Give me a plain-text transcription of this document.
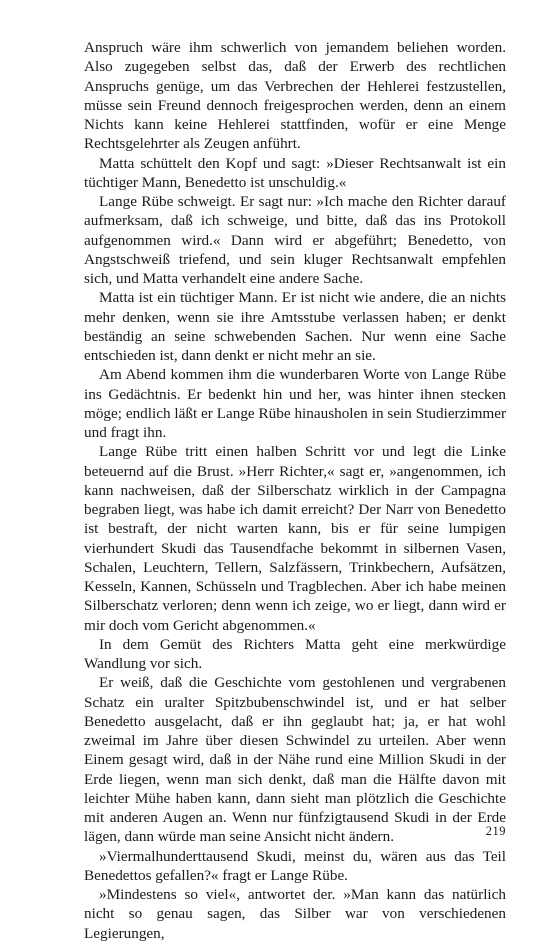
Anspruch wäre ihm schwerlich von jemandem beliehen worden. Also zugegeben selbst das, daß der Erwerb des rechtlichen Anspruchs genüge, um das Verbrechen der Hehlerei festzustellen, müsse sein Freund dennoch freigesprochen werden, denn an einem Nichts kann keine Hehlerei stattfinden, wofür er eine Menge Rechtsgelehrter als Zeugen anführt.

Matta schüttelt den Kopf und sagt: »Dieser Rechtsanwalt ist ein tüchtiger Mann, Benedetto ist unschuldig.«

Lange Rübe schweigt. Er sagt nur: »Ich mache den Richter darauf aufmerksam, daß ich schweige, und bitte, daß das ins Protokoll aufgenommen wird.« Dann wird er abgeführt; Benedetto, von Angstschweiß triefend, und sein kluger Rechtsanwalt empfehlen sich, und Matta verhandelt eine andere Sache.

Matta ist ein tüchtiger Mann. Er ist nicht wie andere, die an nichts mehr denken, wenn sie ihre Amtsstube verlassen haben; er denkt beständig an seine schwebenden Sachen. Nur wenn eine Sache entschieden ist, dann denkt er nicht mehr an sie.

Am Abend kommen ihm die wunderbaren Worte von Lange Rübe ins Gedächtnis. Er bedenkt hin und her, was hinter ihnen stecken möge; endlich läßt er Lange Rübe hinausholen in sein Studierzimmer und fragt ihn.

Lange Rübe tritt einen halben Schritt vor und legt die Linke beteuernd auf die Brust. »Herr Richter,« sagt er, »angenommen, ich kann nachweisen, daß der Silberschatz wirklich in der Campagna begraben liegt, was habe ich damit erreicht? Der Narr von Benedetto ist bestraft, der nicht warten kann, bis er für seine lumpigen vierhundert Skudi das Tausendfache bekommt in silbernen Vasen, Schalen, Leuchtern, Tellern, Salzfässern, Trinkbechern, Aufsätzen, Kesseln, Kannen, Schüsseln und Tragblechen. Aber ich habe meinen Silberschatz verloren; denn wenn ich zeige, wo er liegt, dann wird er mir doch vom Gericht abgenommen.«

In dem Gemüt des Richters Matta geht eine merkwürdige Wandlung vor sich.

Er weiß, daß die Geschichte vom gestohlenen und vergrabenen Schatz ein uralter Spitzbubenschwindel ist, und er hat selber Benedetto ausgelacht, daß er ihn geglaubt hat; ja, er hat wohl zweimal im Jahre über diesen Schwindel zu urteilen. Aber wenn Einem gesagt wird, daß in der Nähe rund eine Million Skudi in der Erde liegen, wenn man sich denkt, daß man die Hälfte davon mit leichter Mühe haben kann, dann sieht man plötzlich die Geschichte mit anderen Augen an. Wenn nur fünfzigtausend Skudi in der Erde lägen, dann würde man seine Ansicht nicht ändern.

»Viermalhunderttausend Skudi, meinst du, wären aus das Teil Benedettos gefallen?« fragt er Lange Rübe.

»Mindestens so viel«, antwortet der. »Man kann das natürlich nicht so genau sagen, das Silber war von verschiedenen Legierungen,

219
